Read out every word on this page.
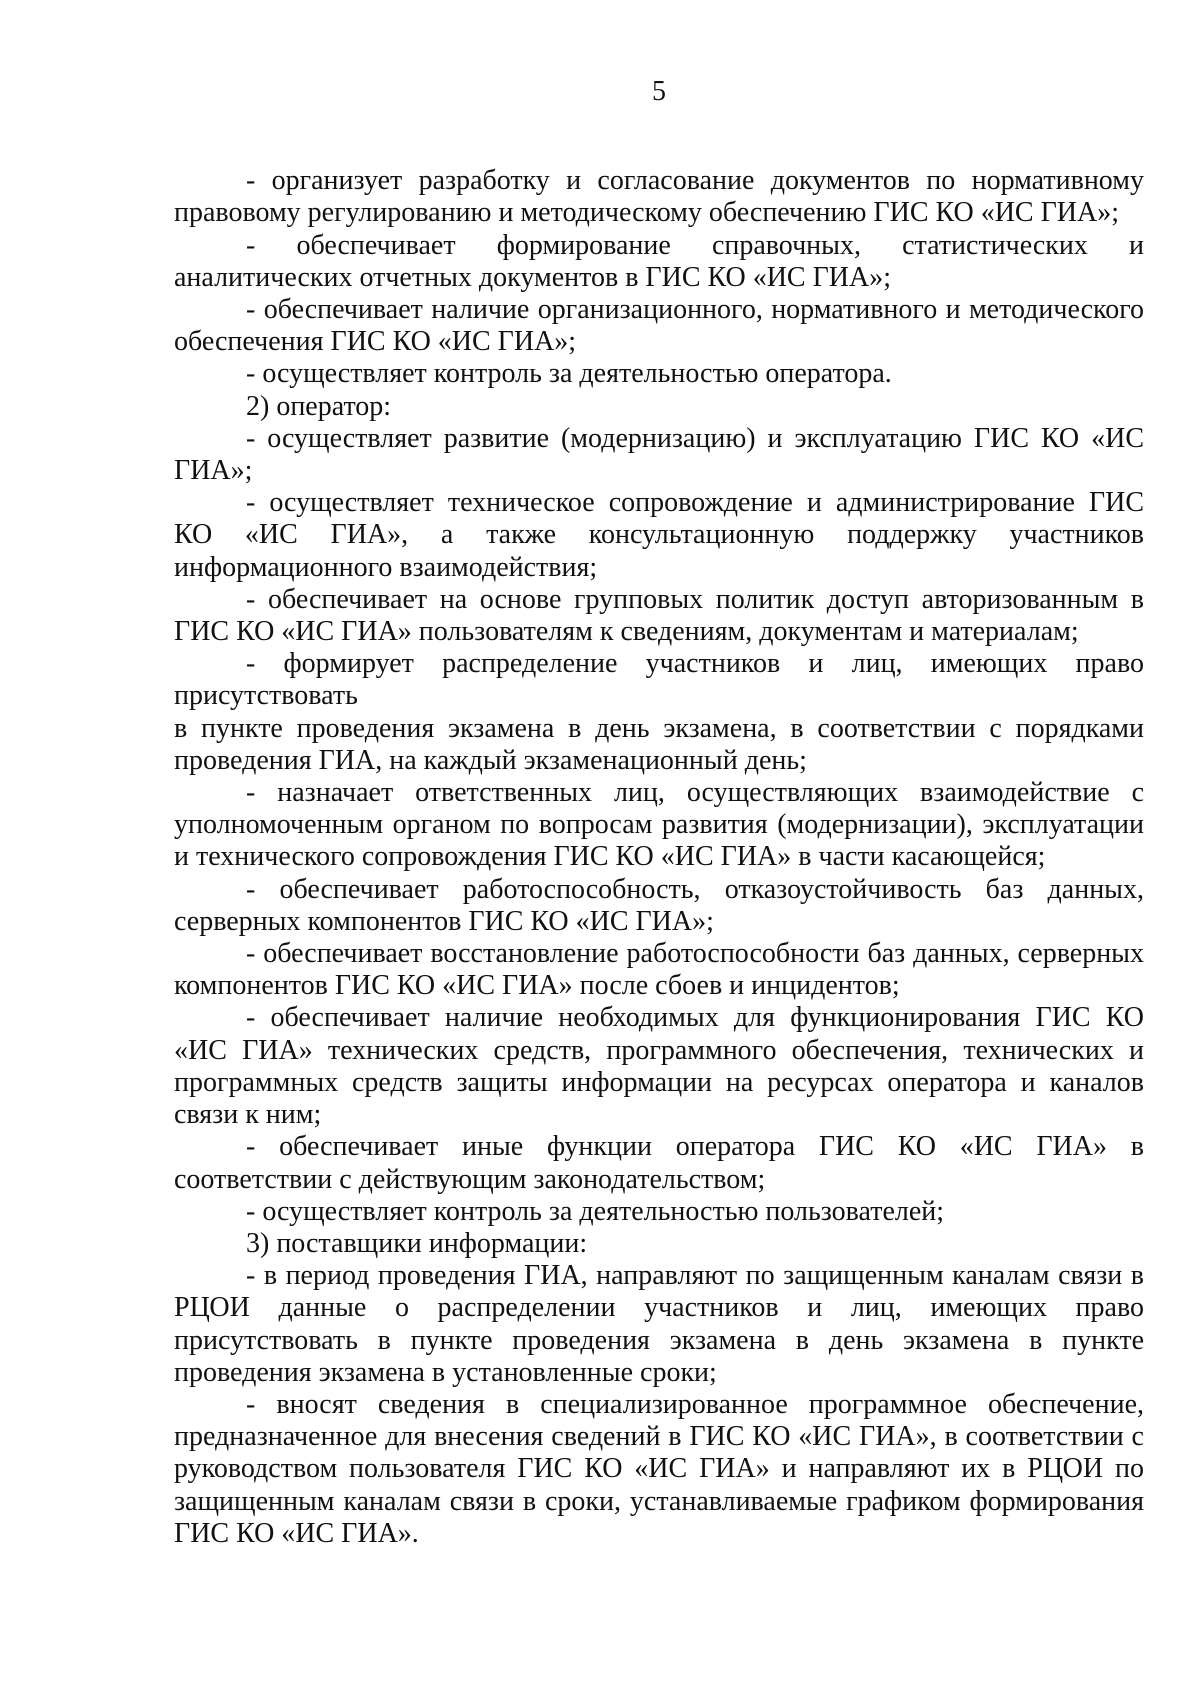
5

- организует разработку и согласование документов по нормативному правовому регулированию и методическому обеспечению ГИС КО «ИС ГИА»;

- обеспечивает формирование справочных, статистических и аналитических отчетных документов в ГИС КО «ИС ГИА»;

- обеспечивает наличие организационного, нормативного и методического обеспечения ГИС КО «ИС ГИА»;

- осуществляет контроль за деятельностью оператора.

2) оператор:

- осуществляет развитие (модернизацию) и эксплуатацию ГИС КО «ИС ГИА»;

- осуществляет техническое сопровождение и администрирование ГИС КО «ИС ГИА», а также консультационную поддержку участников информационного взаимодействия;

- обеспечивает на основе групповых политик доступ авторизованным в ГИС КО «ИС ГИА» пользователям к сведениям, документам и материалам;

- формирует распределение участников и лиц, имеющих право присутствовать

в пункте проведения экзамена в день экзамена, в соответствии с порядками проведения ГИА, на каждый экзаменационный день;

- назначает ответственных лиц, осуществляющих взаимодействие с уполномоченным органом по вопросам развития (модернизации), эксплуатации и технического сопровождения ГИС КО «ИС ГИА» в части касающейся;

- обеспечивает работоспособность, отказоустойчивость баз данных, серверных компонентов ГИС КО «ИС ГИА»;

- обеспечивает восстановление работоспособности баз данных, серверных компонентов ГИС КО «ИС ГИА» после сбоев и инцидентов;

- обеспечивает наличие необходимых для функционирования ГИС КО «ИС ГИА» технических средств, программного обеспечения, технических и программных средств защиты информации на ресурсах оператора и каналов связи к ним;

- обеспечивает иные функции оператора ГИС КО «ИС ГИА» в соответствии с действующим законодательством;

- осуществляет контроль за деятельностью пользователей;

3) поставщики информации:

- в период проведения ГИА, направляют по защищенным каналам связи в РЦОИ данные о распределении участников и лиц, имеющих право присутствовать в пункте проведения экзамена в день экзамена в пункте проведения экзамена в установленные сроки;

- вносят сведения в специализированное программное обеспечение, предназначенное для внесения сведений в ГИС КО «ИС ГИА», в соответствии с руководством пользователя ГИС КО «ИС ГИА» и направляют их в РЦОИ по защищенным каналам связи в сроки, устанавливаемые графиком формирования ГИС КО «ИС ГИА».
